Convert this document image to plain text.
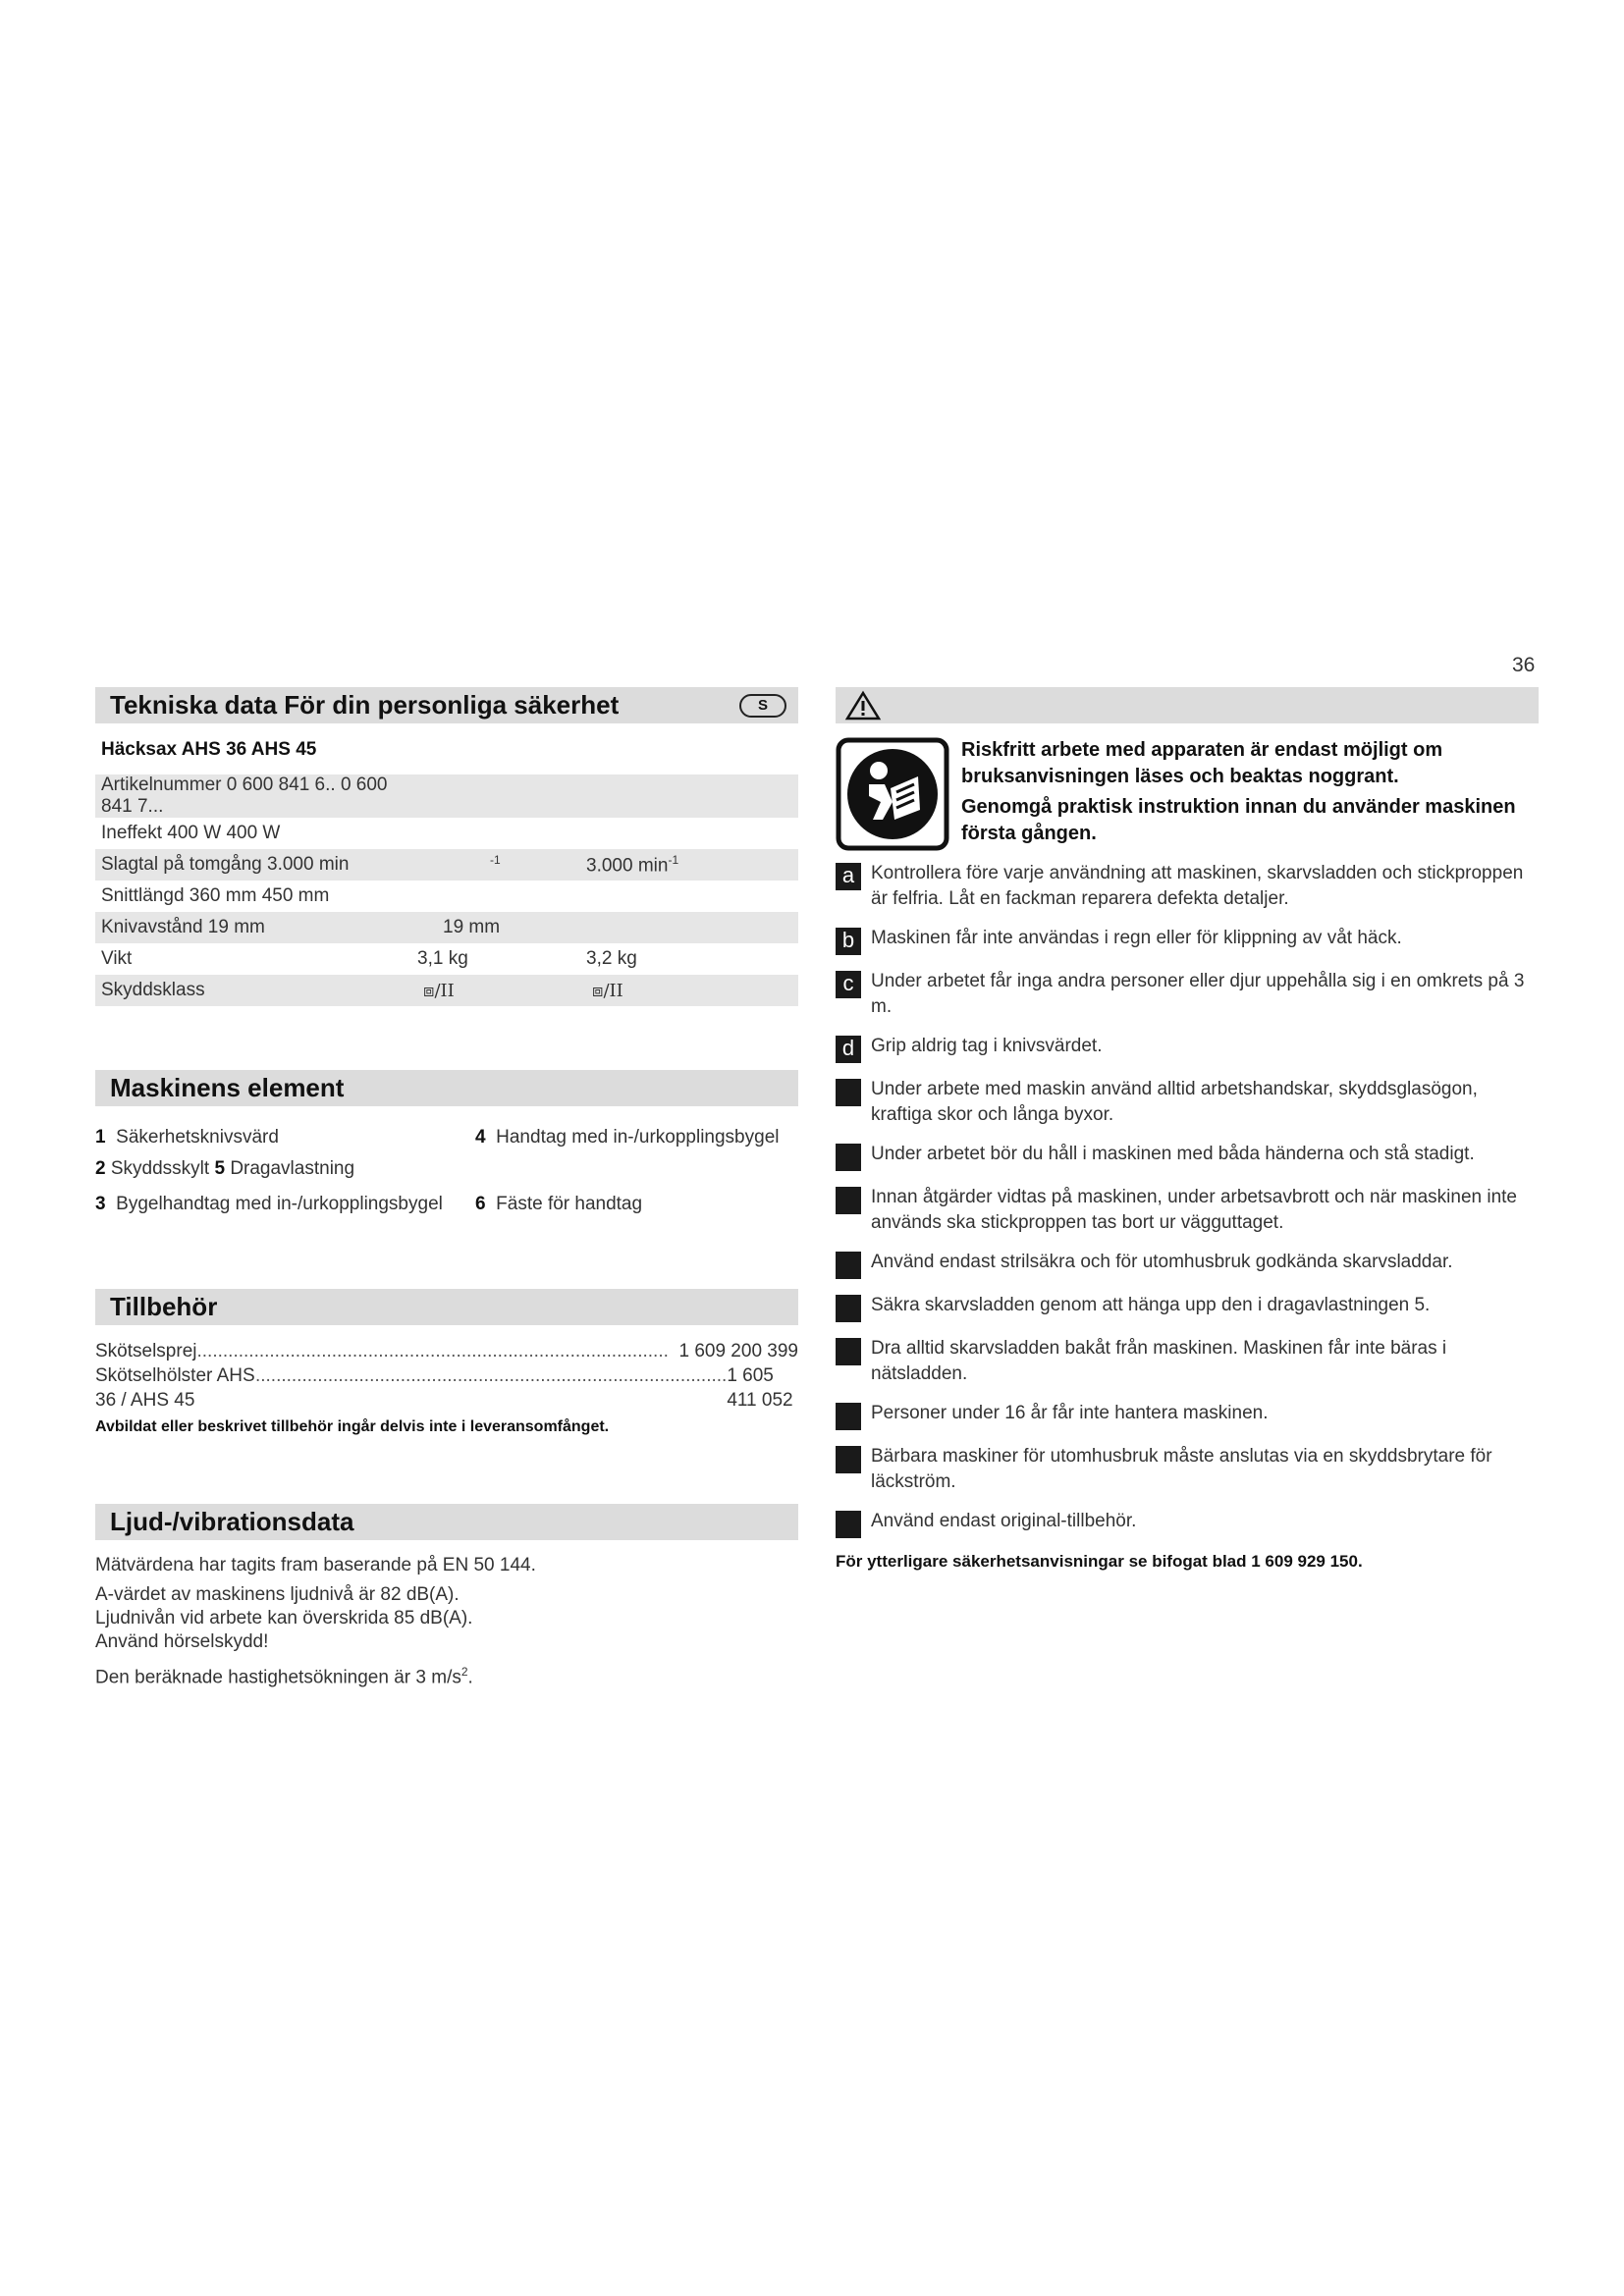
36
Tekniska data För din personliga säkerhet	S
Häcksax AHS 36 AHS 45
Artikelnummer 0 600 841 6.. 0 600 841 7...		
Ineffekt 400 W 400 W		
Slagtal på tomgång 3.000 min	$^{-1}$	3.000 $\min^{-1}$
Snittlängd 360 mm 450 mm		
Knivavstånd 19 mm	19 mm	
Vikt	3,1 kg	3,2 kg
Skyddsklass	⧈/II	⧈/II
Maskinens element
1 Säkerhetsknivsvärd	4 Handtag med in-/urkopplingsbygel
2 Skyddsskylt 5 Dragavlastning
3 Bygelhandtag med in-/urkopplingsbygel	6 Fäste för handtag
Tillbehör
Skötselsprej ........................................................................................... 1 609 200 399
Skötselhölster AHS 36 / AHS 45
........................................................................................... 1 605 411 052
Avbildat eller beskrivet tillbehör ingår delvis inte i leveransomfånget.
Ljud-/vibrationsdata

Mätvärdena har tagits fram baserande på EN 50 144.

A-värdet av maskinens ljudnivå är 82 dB(A).
Ljudnivån vid arbete kan överskrida 85 dB(A).
Använd hörselskydd!

Den beräknade hastighetsökningen är 3 $m/s^2$.

Riskfritt arbete med apparaten är endast möjligt om bruksanvisningen läses och beaktas noggrant.

Genomgå praktisk instruktion innan du använder maskinen första gången.

a Kontrollera före varje användning att maskinen, skarvsladden och stickproppen är felfria. Låt en fackman reparera defekta detaljer.
b Maskinen får inte användas i regn eller för klippning av våt häck.
c Under arbetet får inga andra personer eller djur uppehålla sig i en omkrets på 3 m.
d Grip aldrig tag i knivsvärdet.
Under arbete med maskin använd alltid arbetshandskar, skyddsglasögon, kraftiga skor och långa byxor.
Under arbetet bör du håll i maskinen med båda händerna och stå stadigt.
Innan åtgärder vidtas på maskinen, under arbetsavbrott och när maskinen inte används ska stickproppen tas bort ur vägguttaget.
Använd endast strilsäkra och för utomhusbruk godkända skarvsladdar.
Säkra skarvsladden genom att hänga upp den i dragavlastningen 5.
Dra alltid skarvsladden bakåt från maskinen. Maskinen får inte bäras i nätsladden.
Personer under 16 år får inte hantera maskinen.
Bärbara maskiner för utomhusbruk måste anslutas via en skyddsbrytare för läckström.
Använd endast original-tillbehör.
För ytterligare säkerhetsanvisningar se bifogat blad 1 609 929 150.
